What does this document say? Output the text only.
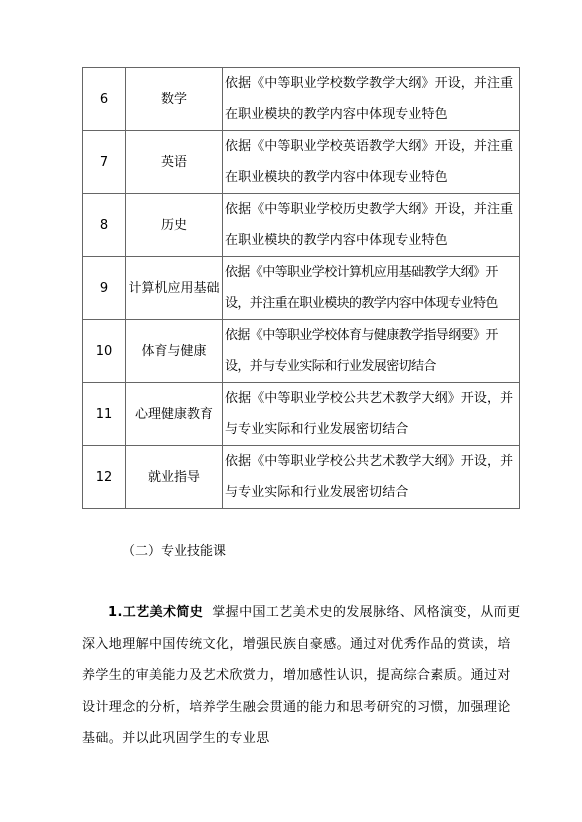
6	数学	依据《中等职业学校数学教学大纲》开设，并注重在职业模块的教学内容中体现专业特色
7	英语	依据《中等职业学校英语教学大纲》开设，并注重在职业模块的教学内容中体现专业特色
8	历史	依据《中等职业学校历史教学大纲》开设，并注重在职业模块的教学内容中体现专业特色
9	计算机应用基础	依据《中等职业学校计算机应用基础教学大纲》开设，并注重在职业模块的教学内容中体现专业特色
10	体育与健康	依据《中等职业学校体育与健康教学指导纲要》开设，并与专业实际和行业发展密切结合
11	心理健康教育	依据《中等职业学校公共艺术教学大纲》开设，并与专业实际和行业发展密切结合
12	就业指导	依据《中等职业学校公共艺术教学大纲》开设，并与专业实际和行业发展密切结合
（二）专业技能课

1.工艺美术简史 掌握中国工艺美术史的发展脉络、风格演变，从而更深入地理解中国传统文化，增强民族自豪感。通过对优秀作品的赏读，培养学生的审美能力及艺术欣赏力，增加感性认识，提高综合素质。通过对设计理念的分析，培养学生融会贯通的能力和思考研究的习惯，加强理论基础。并以此巩固学生的专业思
